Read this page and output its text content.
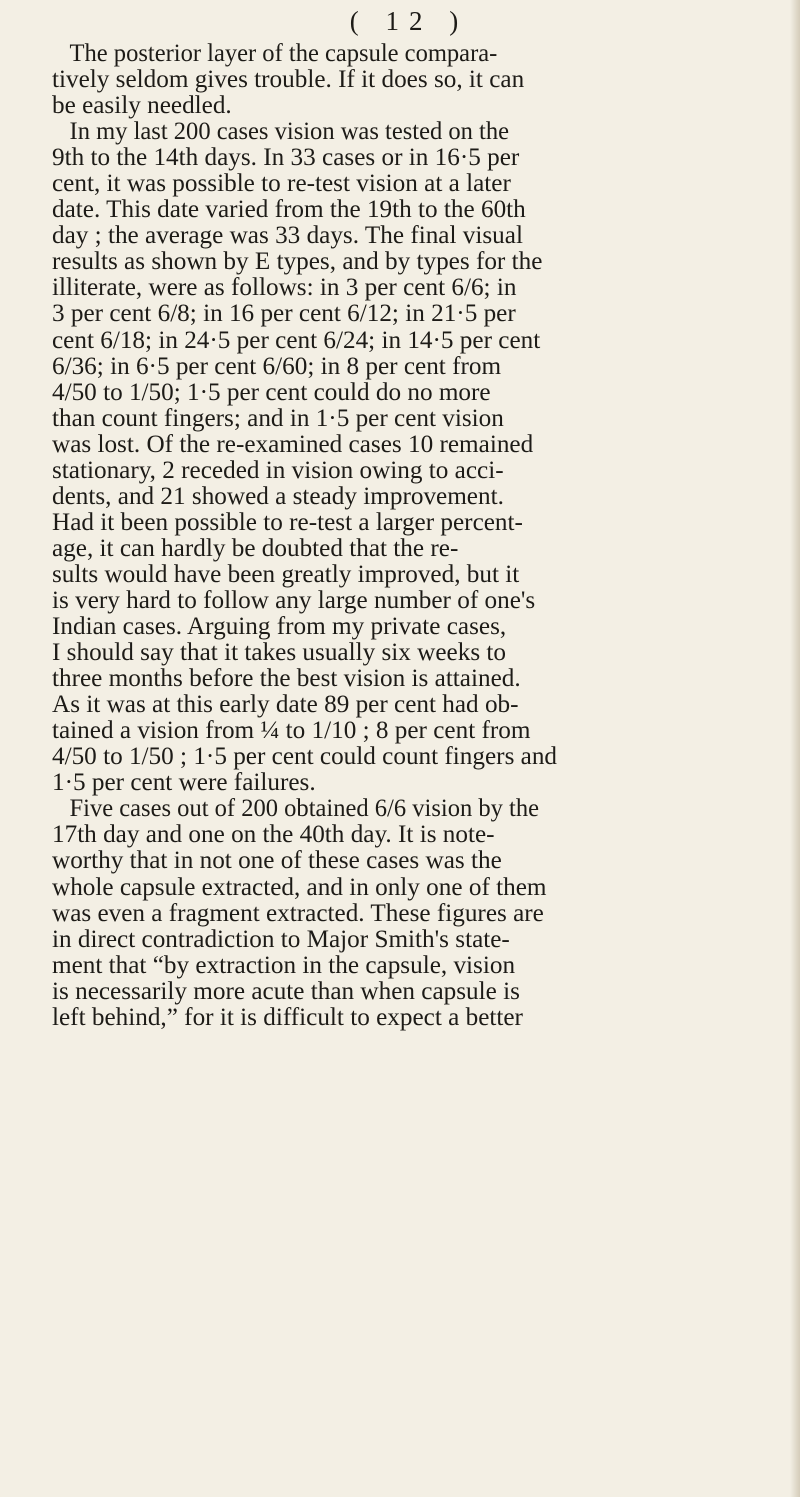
( 12 )
The posterior layer of the capsule compara-
tively seldom gives trouble. If it does so, it can
be easily needled.
In my last 200 cases vision was tested on the
9th to the 14th days. In 33 cases or in 16·5 per
cent, it was possible to re-test vision at a later
date. This date varied from the 19th to the 60th
day ; the average was 33 days. The final visual
results as shown by E types, and by types for the
illiterate, were as follows: in 3 per cent 6/6; in
3 per cent 6/8; in 16 per cent 6/12; in 21·5 per
cent 6/18; in 24·5 per cent 6/24; in 14·5 per cent
6/36; in 6·5 per cent 6/60; in 8 per cent from
4/50 to 1/50; 1·5 per cent could do no more
than count fingers; and in 1·5 per cent vision
was lost. Of the re-examined cases 10 remained
stationary, 2 receded in vision owing to acci-
dents, and 21 showed a steady improvement.
Had it been possible to re-test a larger percent-
age, it can hardly be doubted that the re-
sults would have been greatly improved, but it
is very hard to follow any large number of one's
Indian cases. Arguing from my private cases,
I should say that it takes usually six weeks to
three months before the best vision is attained.
As it was at this early date 89 per cent had ob-
tained a vision from ¼ to 1/10 ; 8 per cent from
4/50 to 1/50 ; 1·5 per cent could count fingers and
1·5 per cent were failures.
Five cases out of 200 obtained 6/6 vision by the
17th day and one on the 40th day. It is note-
worthy that in not one of these cases was the
whole capsule extracted, and in only one of them
was even a fragment extracted. These figures are
in direct contradiction to Major Smith's state-
ment that “by extraction in the capsule, vision
is necessarily more acute than when capsule is
left behind,” for it is difficult to expect a better
